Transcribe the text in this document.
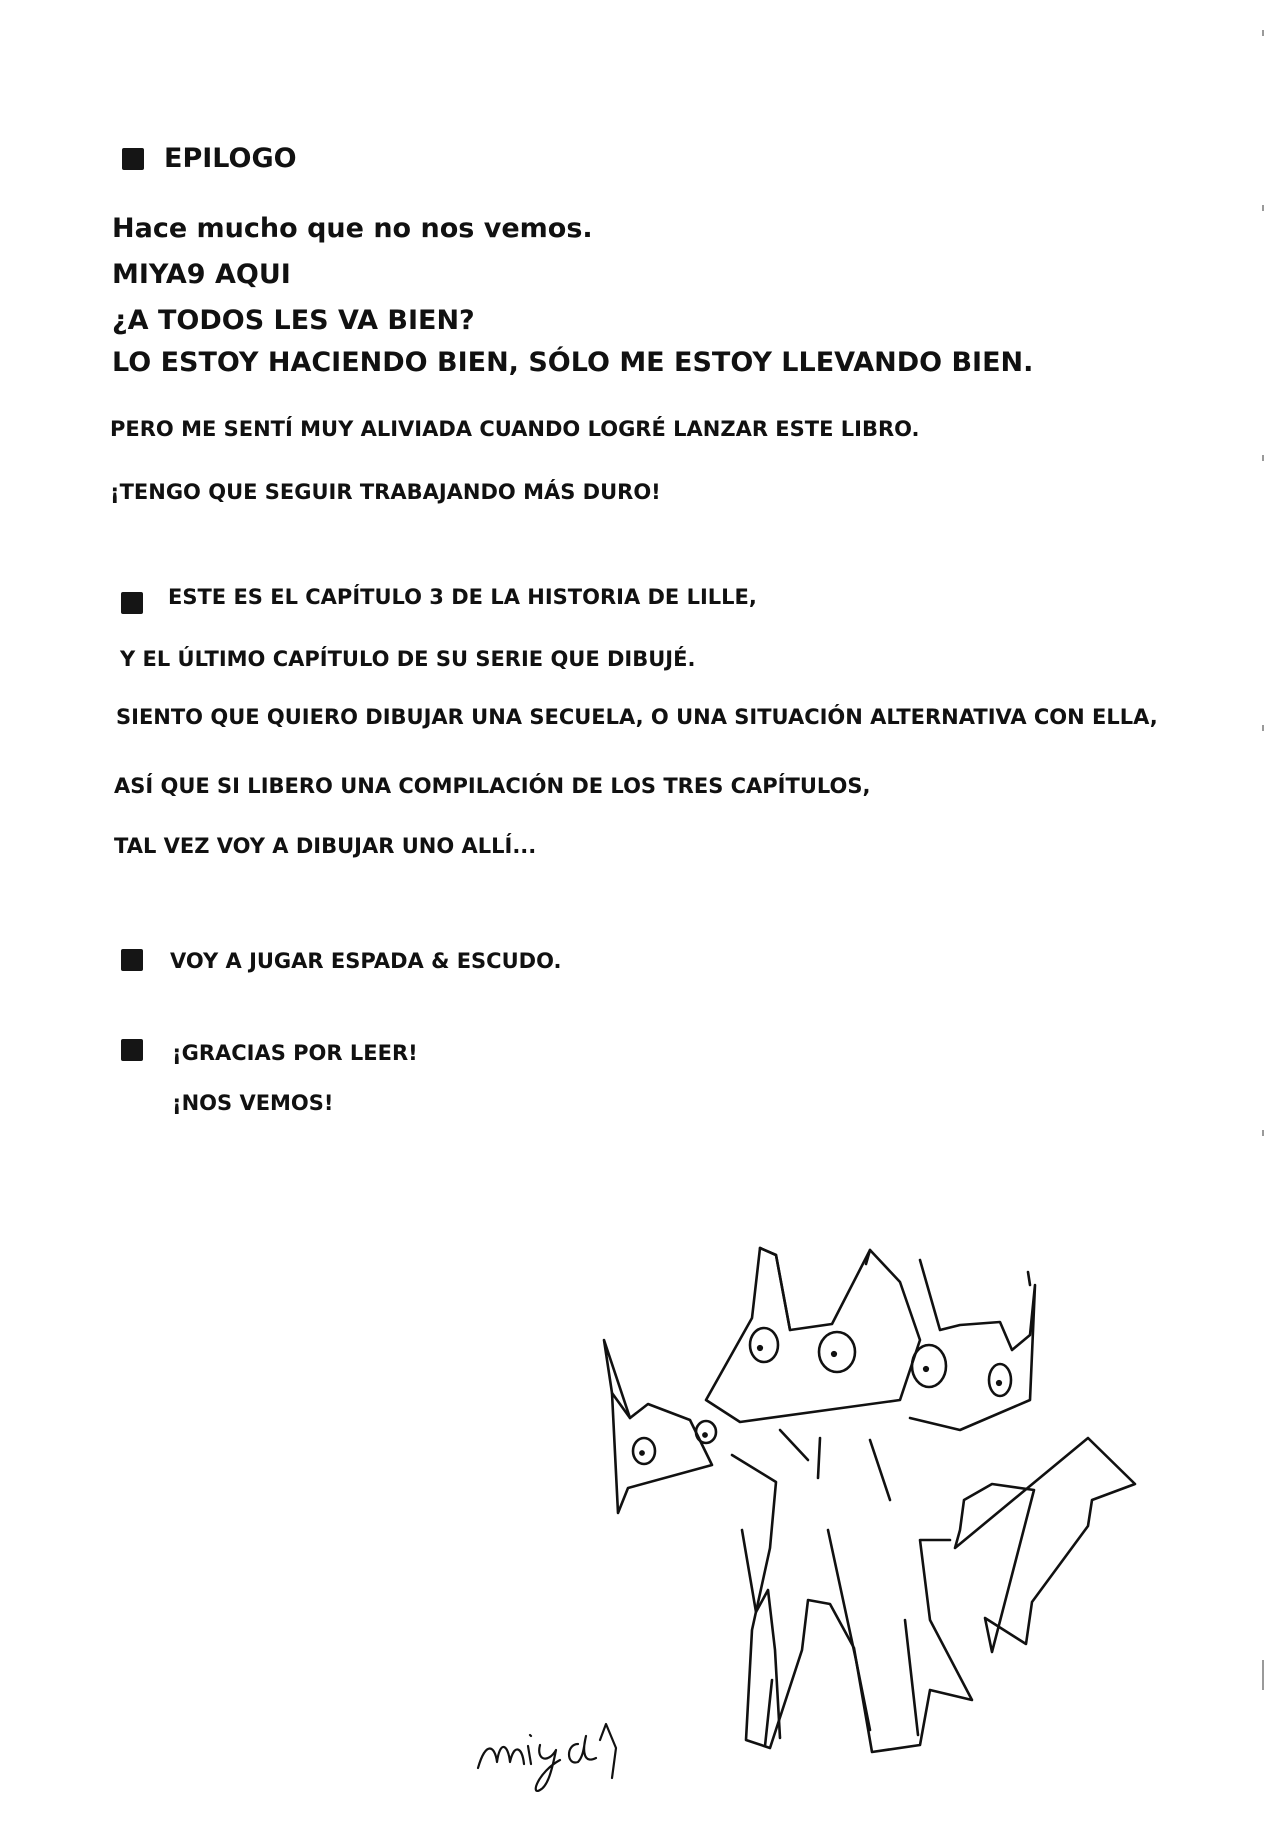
EPILOGO
Hace mucho que no nos vemos.
MIYA9 AQUI
¿A TODOS LES VA BIEN?
LO ESTOY HACIENDO BIEN, SÓLO ME ESTOY LLEVANDO BIEN.
PERO ME SENTÍ MUY ALIVIADA CUANDO LOGRÉ LANZAR ESTE LIBRO.
¡TENGO QUE SEGUIR TRABAJANDO MÁS DURO!
ESTE ES EL CAPÍTULO 3 DE LA HISTORIA DE LILLE,
Y EL ÚLTIMO CAPÍTULO DE SU SERIE QUE DIBUJÉ.
SIENTO QUE QUIERO DIBUJAR UNA SECUELA, O UNA SITUACIÓN ALTERNATIVA CON ELLA,
ASÍ QUE SI LIBERO UNA COMPILACIÓN DE LOS TRES CAPÍTULOS,
TAL VEZ VOY A DIBUJAR UNO ALLÍ...
VOY A JUGAR ESPADA & ESCUDO.
¡GRACIAS POR LEER!
¡NOS VEMOS!
